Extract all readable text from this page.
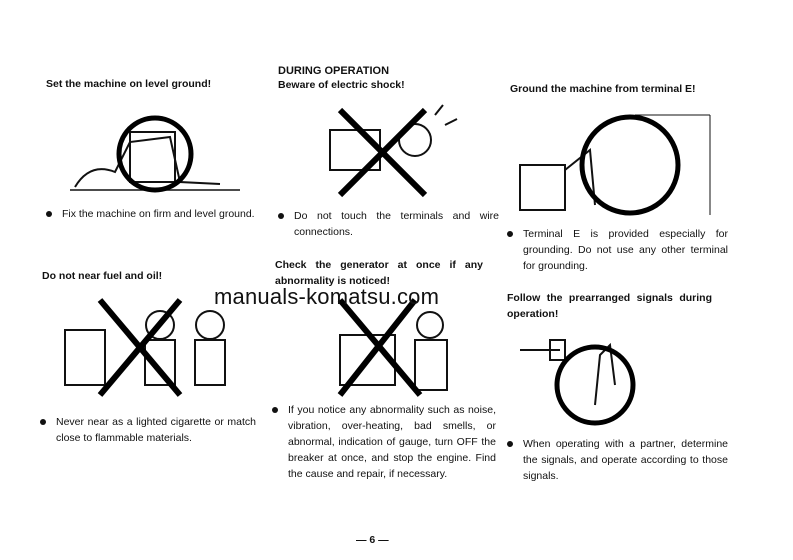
Set the machine on level ground!
Fix the machine on firm and level ground.
Do not near fuel and oil!
Never near as a lighted cigarette or match close to flammable materials.
DURING OPERATION
Beware of electric shock!
Do not touch the terminals and wire connections.
Check the generator at once if any abnormality is noticed!
If you notice any abnormality such as noise, vibration, over-heating, bad smells, or abnormal, indication of gauge, turn OFF the breaker at once, and stop the engine. Find the cause and repair, if necessary.
Ground the machine from terminal E!
Terminal E is provided especially for grounding. Do not use any other terminal for grounding.
Follow the prearranged signals during operation!
When operating with a partner, determine the signals, and operate according to those signals.
manuals-komatsu.com
— 6 —
